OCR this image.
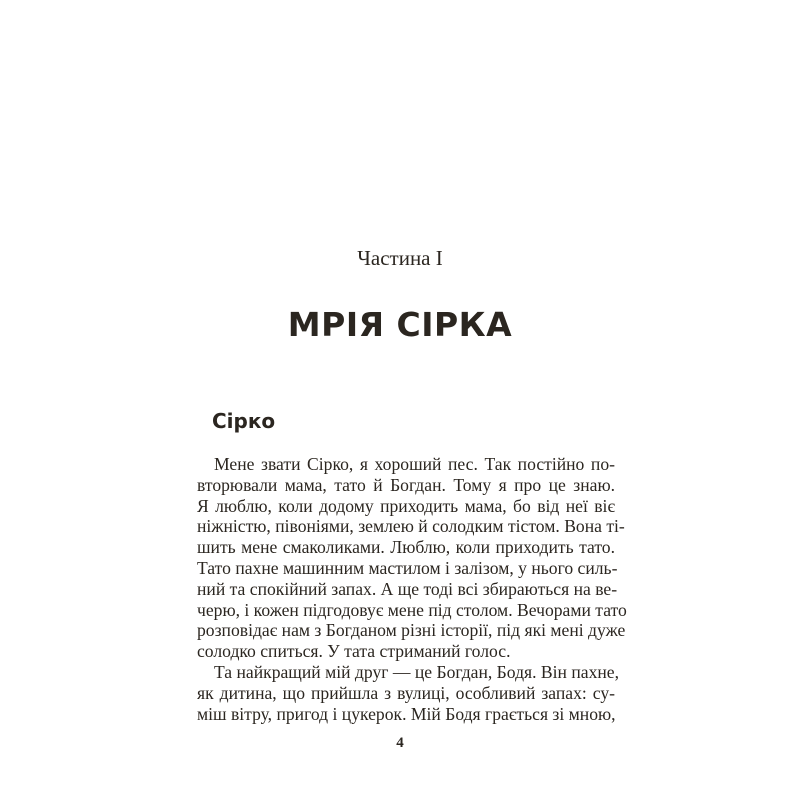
Частина I
МРІЯ СІРКА
Сірко
Мене звати Сірко, я хороший пес. Так постійно по-
вторювали мама, тато й Богдан. Тому я про це знаю.
Я люблю, коли додому приходить мама, бо від неї віє
ніжністю, півоніями, землею й солодким тістом. Вона ті-
шить мене смаколиками. Люблю, коли приходить тато.
Тато пахне машинним мастилом і залізом, у нього силь-
ний та спокійний запах. А ще тоді всі збираються на ве-
черю, і кожен підгодовує мене під столом. Вечорами тато
розповідає нам з Богданом різні історії, під які мені дуже
солодко спиться. У тата стриманий голос.
Та найкращий мій друг — це Богдан, Бодя. Він пахне,
як дитина, що прийшла з вулиці, особливий запах: су-
міш вітру, пригод і цукерок. Мій Бодя грається зі мною,
4
